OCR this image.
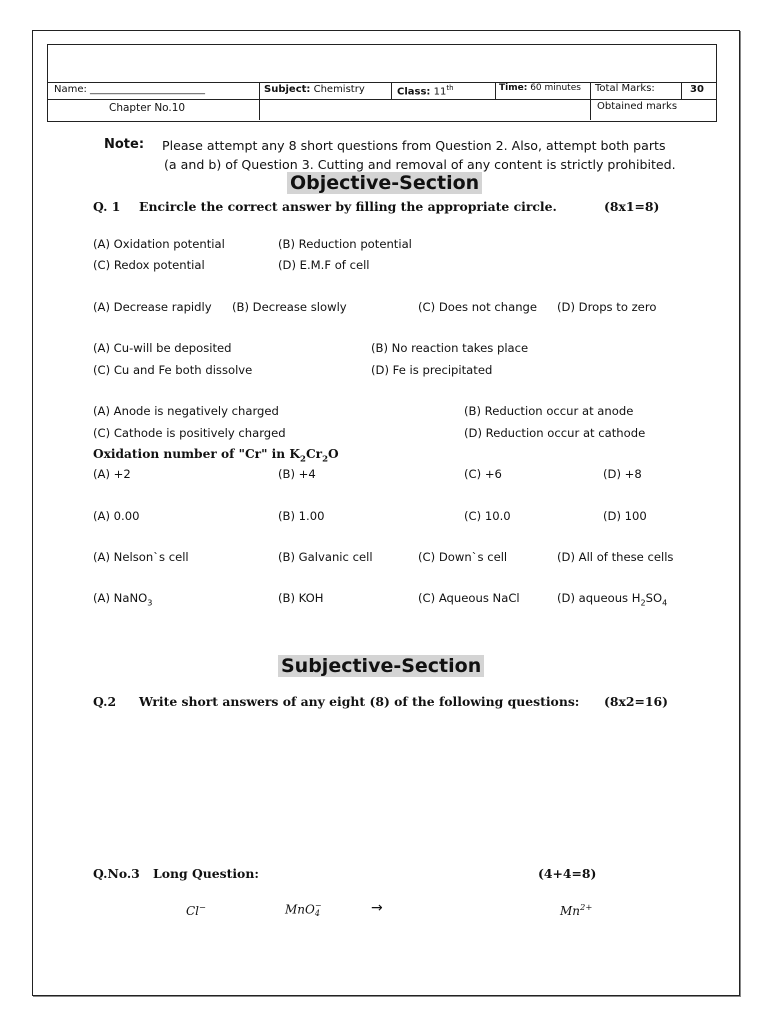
Name: _______________________	Subject: Chemistry	Class: 11th	Time: 60 minutes Total Marks:	30
Chapter No.10	Obtained marks
Note: Please attempt any 8 short questions from Question 2. Also, attempt both parts
(a and b) of Question 3. Cutting and removal of any content is strictly prohibited.
Objective-Section
Q. 1 Encircle the correct answer by filling the appropriate circle.	(8x1=8)
(A) Oxidation potential	(B) Reduction potential
(C) Redox potential	(D) E.M.F of cell
(A) Decrease rapidly (B) Decrease slowly	(C) Does not change (D) Drops to zero
(A) Cu-will be deposited	(B) No reaction takes place
(C) Cu and Fe both dissolve	(D) Fe is precipitated
(A) Anode is negatively charged	(B) Reduction occur at anode
(C) Cathode is positively charged	(D) Reduction occur at cathode
Oxidation number of "Cr" in $K_2Cr_2O$
(A) +2	(B) +4	(C) +6	(D) +8
(A) 0.00	(B) 1.00	(C) 10.0	(D) 100
(A) Nelson`s cell	(B) Galvanic cell	(C) Down`s cell	(D) All of these cells
(A) NaNO$_3$	(B) KOH	(C) Aqueous NaCl	(D) aqueous $H_2SO_4$
Subjective-Section
Q.2 Write short answers of any eight (8) of the following questions: (8x2=16)
Q.No.3 Long Question:	(4+4=8)
Cl−	MnO −
4	→	$Mn^{2+}$
